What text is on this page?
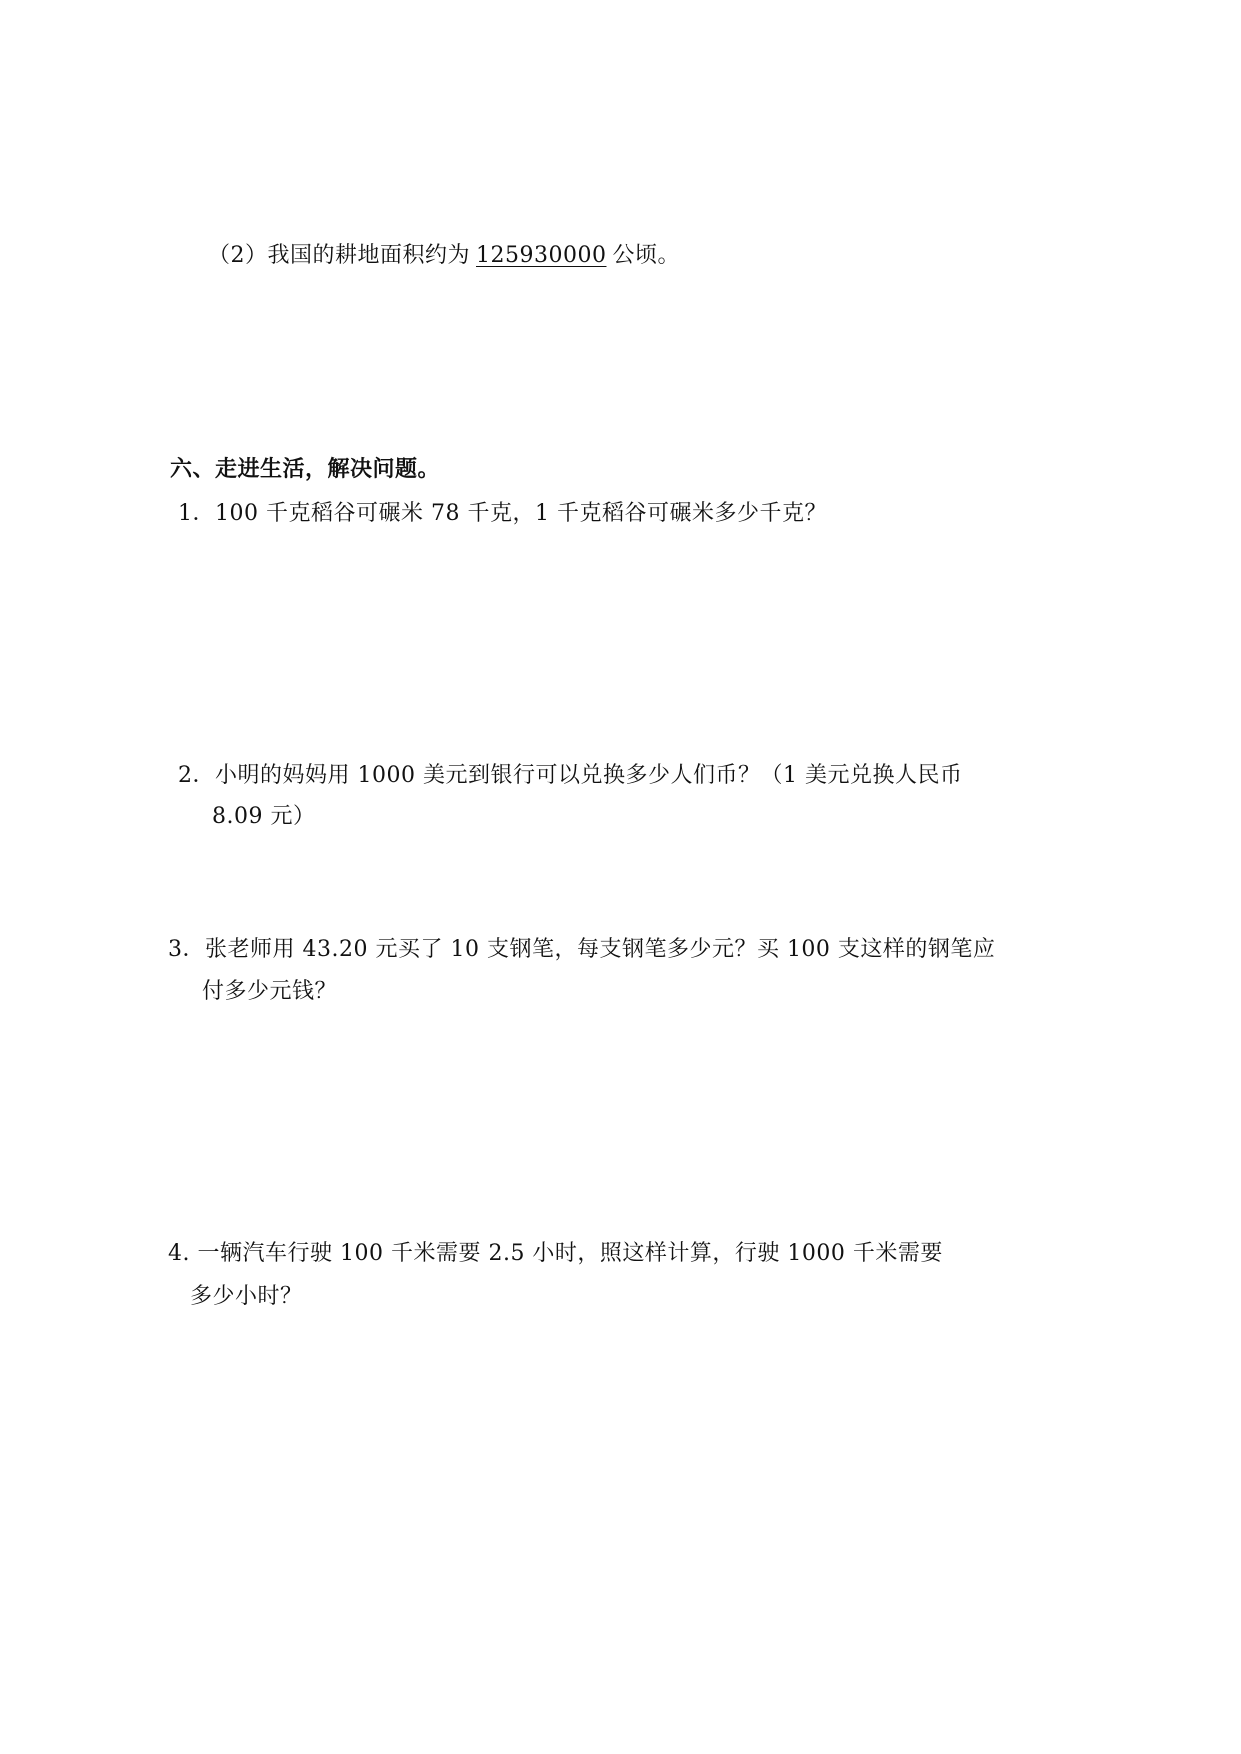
（2）我国的耕地面积约为 125930000 公顷。
六、走进生活，解决问题。
1．100 千克稻谷可碾米 78 千克，1 千克稻谷可碾米多少千克？
2．小明的妈妈用 1000 美元到银行可以兑换多少人们币？（1 美元兑换人民币
8.09 元）
3．张老师用 43.20 元买了 10 支钢笔，每支钢笔多少元？买 100 支这样的钢笔应
付多少元钱？
4. 一辆汽车行驶 100 千米需要 2.5 小时，照这样计算，行驶 1000 千米需要
多少小时？
